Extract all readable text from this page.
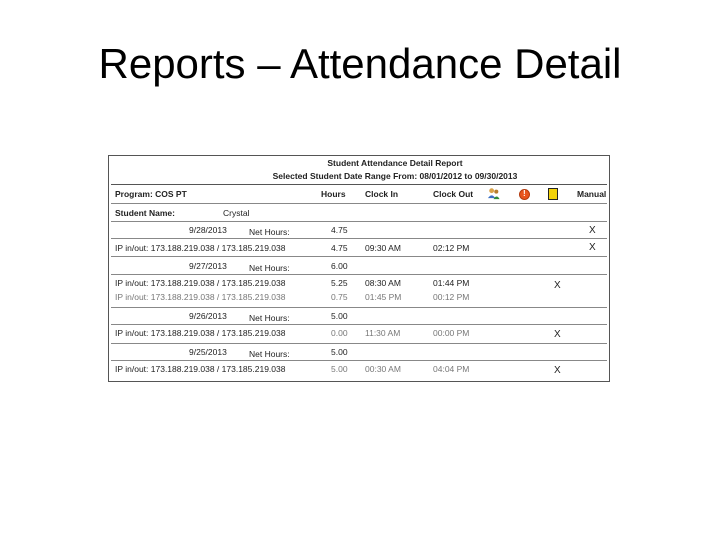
Reports – Attendance Detail
Student Attendance Detail Report
Selected Student Date Range From: 08/01/2012 to 09/30/2013
Program: COS PT	Hours Clock In	Clock Out
!	Manual
Student Name:	Crystal
9/28/2013	Net Hours:	4.75	X
IP in/out: 173.188.219.038 / 173.185.219.038	4.75 09:30 AM	02:12 PM	X
9/27/2013	Net Hours:	6.00
IP in/out: 173.188.219.038 / 173.185.219.038	5.25 08:30 AM	01:44 PM	X
IP in/out: 173.188.219.038 / 173.185.219.038	0.75 01:45 PM	00:12 PM
9/26/2013	Net Hours:	5.00
IP in/out: 173.188.219.038 / 173.185.219.038	0.00 11:30 AM	00:00 PM	X
9/25/2013	Net Hours:	5.00
IP in/out: 173.188.219.038 / 173.185.219.038	5.00 00:30 AM	04:04 PM	X
